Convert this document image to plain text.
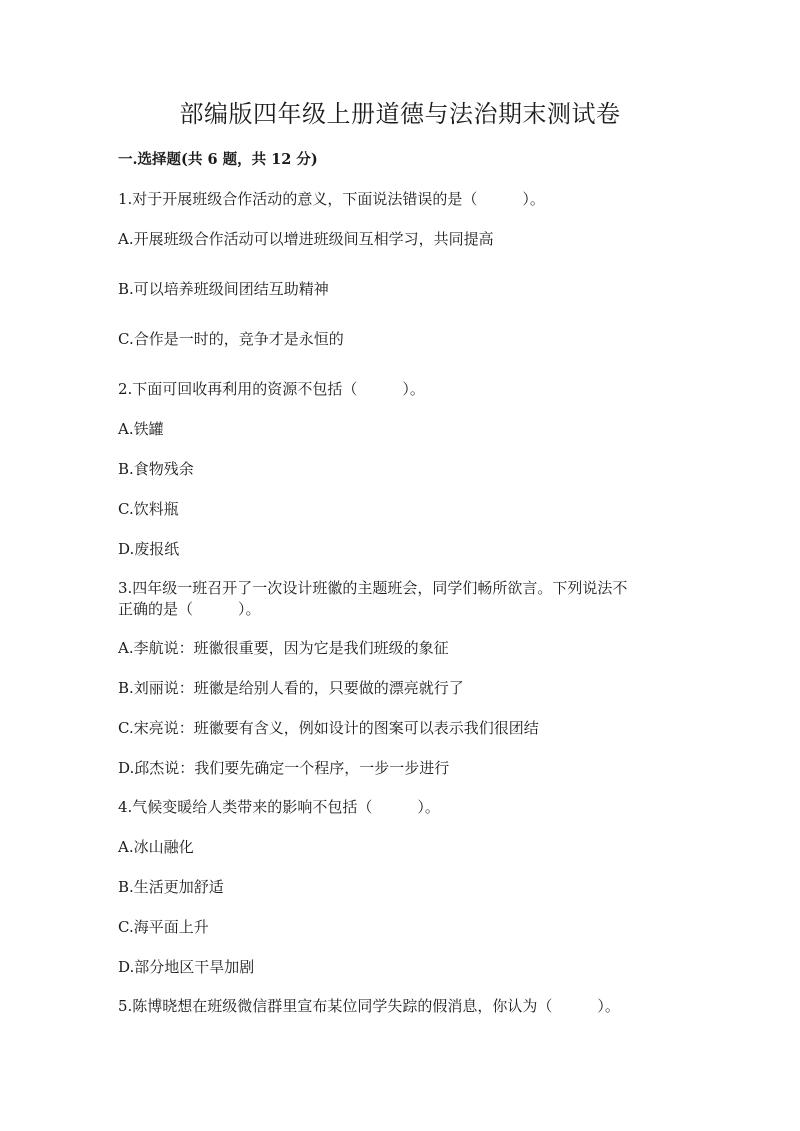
部编版四年级上册道德与法治期末测试卷
一.选择题(共 6 题，共 12 分)
1.对于开展班级合作活动的意义，下面说法错误的是（　　　）。
A.开展班级合作活动可以增进班级间互相学习，共同提高
B.可以培养班级间团结互助精神
C.合作是一时的，竞争才是永恒的
2.下面可回收再利用的资源不包括（　　　）。
A.铁罐
B.食物残余
C.饮料瓶
D.废报纸
3.四年级一班召开了一次设计班徽的主题班会，同学们畅所欲言。下列说法不
正确的是（　　　）。
A.李航说：班徽很重要，因为它是我们班级的象征
B.刘丽说：班徽是给别人看的，只要做的漂亮就行了
C.宋亮说：班徽要有含义，例如设计的图案可以表示我们很团结
D.邱杰说：我们要先确定一个程序，一步一步进行
4.气候变暖给人类带来的影响不包括（　　　）。
A.冰山融化
B.生活更加舒适
C.海平面上升
D.部分地区干旱加剧
5.陈博晓想在班级微信群里宣布某位同学失踪的假消息，你认为（　　　）。
